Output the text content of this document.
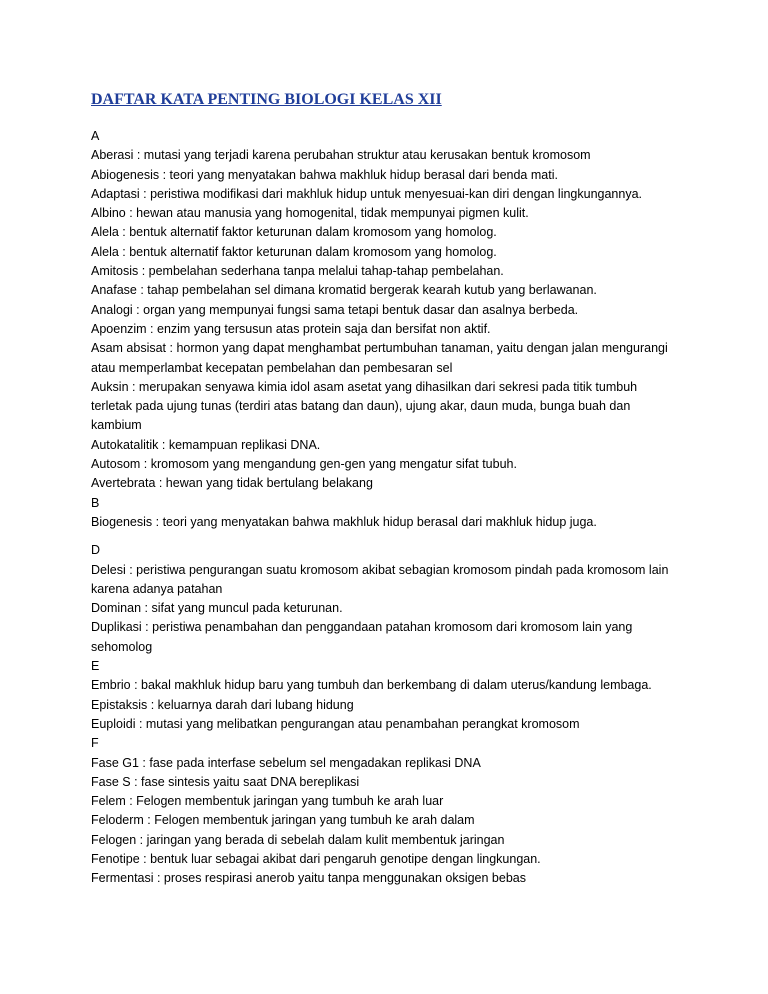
DAFTAR KATA PENTING BIOLOGI KELAS XII
A
Aberasi : mutasi yang terjadi karena perubahan struktur atau kerusakan bentuk kromosom
Abiogenesis : teori yang menyatakan bahwa makhluk hidup berasal dari benda mati.
Adaptasi : peristiwa modifikasi dari makhluk hidup untuk menyesuai-kan diri dengan lingkungannya.
Albino : hewan atau manusia yang homogenital, tidak mempunyai pigmen kulit.
Alela : bentuk alternatif faktor keturunan dalam kromosom yang homolog.
Alela : bentuk alternatif faktor keturunan dalam kromosom yang homolog.
Amitosis : pembelahan sederhana tanpa melalui tahap-tahap pembelahan.
Anafase : tahap pembelahan sel dimana kromatid bergerak kearah kutub yang berlawanan.
Analogi : organ yang mempunyai fungsi sama tetapi bentuk dasar dan asalnya berbeda.
Apoenzim : enzim yang tersusun atas protein saja dan bersifat non aktif.
Asam absisat : hormon yang dapat menghambat pertumbuhan tanaman, yaitu dengan jalan mengurangi
atau memperlambat kecepatan pembelahan dan pembesaran sel
Auksin : merupakan senyawa kimia idol asam asetat yang dihasilkan dari sekresi pada titik tumbuh
terletak pada ujung tunas (terdiri atas batang dan daun), ujung akar, daun muda, bunga buah dan
kambium
Autokatalitik : kemampuan replikasi DNA.
Autosom : kromosom yang mengandung gen-gen yang mengatur sifat tubuh.
Avertebrata : hewan yang tidak bertulang belakang
B
Biogenesis : teori yang menyatakan bahwa makhluk hidup berasal dari makhluk hidup juga.
D
Delesi : peristiwa pengurangan suatu kromosom akibat sebagian kromosom pindah pada kromosom lain
karena adanya patahan
Dominan : sifat yang muncul pada keturunan.
Duplikasi : peristiwa penambahan dan penggandaan patahan kromosom dari kromosom lain yang
sehomolog
E
Embrio : bakal makhluk hidup baru yang tumbuh dan berkembang di dalam uterus/kandung lembaga.
Epistaksis : keluarnya darah dari lubang hidung
Euploidi : mutasi yang melibatkan pengurangan atau penambahan perangkat kromosom
F
Fase G1 : fase pada interfase sebelum sel mengadakan replikasi DNA
Fase S : fase sintesis yaitu saat DNA bereplikasi
Felem : Felogen membentuk jaringan yang tumbuh ke arah luar
Feloderm : Felogen membentuk jaringan yang tumbuh ke arah dalam
Felogen : jaringan yang berada di sebelah dalam kulit membentuk jaringan
Fenotipe : bentuk luar sebagai akibat dari pengaruh genotipe dengan lingkungan.
Fermentasi : proses respirasi anerob yaitu tanpa menggunakan oksigen bebas
